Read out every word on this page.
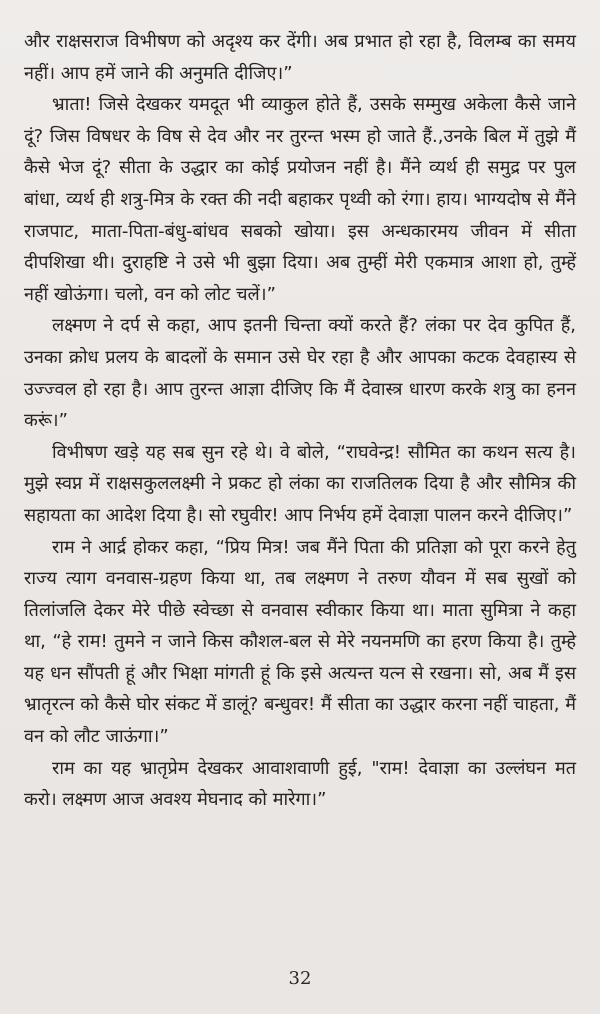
और राक्षसराज विभीषण को अदृश्य कर देंगी। अब प्रभात हो रहा है, विलम्ब का समय नहीं। आप हमें जाने की अनुमति दीजिए।”

भ्राता! जिसे देखकर यमदूत भी व्याकुल होते हैं, उसके सम्मुख अकेला कैसे जाने दूं? जिस विषधर के विष से देव और नर तुरन्त भस्म हो जाते हैं.,उनके बिल में तुझे मैं कैसे भेज दूं? सीता के उद्धार का कोई प्रयोजन नहीं है। मैंने व्यर्थ ही समुद्र पर पुल बांधा, व्यर्थ ही शत्रु-मित्र के रक्त की नदी बहाकर पृथ्वी को रंगा। हाय। भाग्यदोष से मैंने राजपाट, माता-पिता-बंधु-बांधव सबको खोया। इस अन्धकारमय जीवन में सीता दीपशिखा थी। दुराहष्टि ने उसे भी बुझा दिया। अब तुम्हीं मेरी एकमात्र आशा हो, तुम्हें नहीं खोऊंगा। चलो, वन को लोट चलें।”

लक्ष्मण ने दर्प से कहा, आप इतनी चिन्ता क्यों करते हैं? लंका पर देव कुपित हैं, उनका क्रोध प्रलय के बादलों के समान उसे घेर रहा है और आपका कटक देवहास्य से उज्ज्वल हो रहा है। आप तुरन्त आज्ञा दीजिए कि मैं देवास्त्र धारण करके शत्रु का हनन करूं।”

विभीषण खड़े यह सब सुन रहे थे। वे बोले, “राघवेन्द्र! सौमित का कथन सत्य है। मुझे स्वप्न में राक्षसकुललक्ष्मी ने प्रकट हो लंका का राजतिलक दिया है और सौमित्र की सहायता का आदेश दिया है। सो रघुवीर! आप निर्भय हमें देवाज्ञा पालन करने दीजिए।”

राम ने आर्द्र होकर कहा, “प्रिय मित्र! जब मैंने पिता की प्रतिज्ञा को पूरा करने हेतु राज्य त्याग वनवास-ग्रहण किया था, तब लक्ष्मण ने तरुण यौवन में सब सुखों को तिलांजलि देकर मेरे पीछे स्वेच्छा से वनवास स्वीकार किया था। माता सुमित्रा ने कहा था, “हे राम! तुमने न जाने किस कौशल-बल से मेरे नयनमणि का हरण किया है। तुम्हे यह धन सौंपती हूं और भिक्षा मांगती हूं कि इसे अत्यन्त यत्न से रखना। सो, अब मैं इस भ्रातृरत्न को कैसे घोर संकट में डालूं? बन्धुवर! मैं सीता का उद्धार करना नहीं चाहता, मैं वन को लौट जाऊंगा।”

राम का यह भ्रातृप्रेम देखकर आवाशवाणी हुई, "राम! देवाज्ञा का उल्लंघन मत करो। लक्ष्मण आज अवश्य मेघनाद को मारेगा।”

32
